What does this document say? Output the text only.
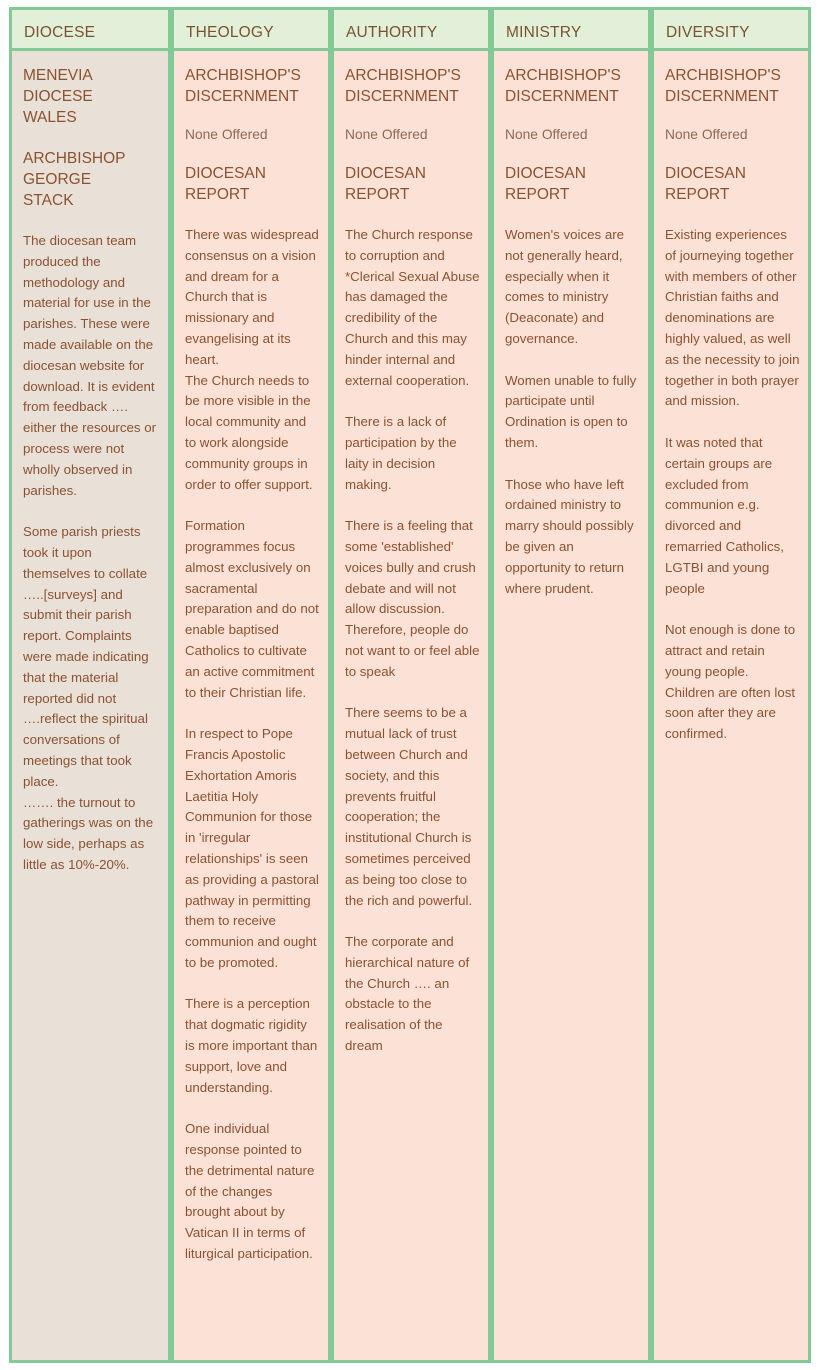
DIOCESE

MENEVIA
DIOCESE
WALES

ARCHBISHOP
GEORGE
STACK

The diocesan team produced the methodology and material for use in the parishes. These were made available on the diocesan website for download. It is evident from feedback …. either the resources or process were not wholly observed in parishes.

Some parish priests took it upon themselves to collate …..[surveys] and submit their parish report. Complaints were made indicating that the material reported did not ….reflect the spiritual conversations of meetings that took place.
……. the turnout to gatherings was on the low side, perhaps as little as 10%-20%.

THEOLOGY

ARCHBISHOP'S
DISCERNMENT

None Offered

DIOCESAN
REPORT

There was widespread consensus on a vision and dream for a Church that is missionary and evangelising at its heart.
The Church needs to be more visible in the local community and to work alongside community groups in order to offer support.

Formation programmes focus almost exclusively on sacramental preparation and do not enable baptised Catholics to cultivate an active commitment to their Christian life.

In respect to Pope Francis Apostolic Exhortation Amoris Laetitia Holy Communion for those in 'irregular relationships' is seen as providing a pastoral pathway in permitting them to receive communion and ought to be promoted.

There is a perception that dogmatic rigidity is more important than support, love and understanding.

One individual response pointed to the detrimental nature of the changes brought about by Vatican II in terms of liturgical participation.

AUTHORITY

ARCHBISHOP'S
DISCERNMENT

None Offered

DIOCESAN
REPORT

The Church response to corruption and *Clerical Sexual Abuse has damaged the credibility of the Church and this may hinder internal and external cooperation.

There is a lack of participation by the laity in decision making.

There is a feeling that some 'established' voices bully and crush debate and will not allow discussion. Therefore, people do not want to or feel able to speak

There seems to be a mutual lack of trust between Church and society, and this prevents fruitful cooperation; the institutional Church is sometimes perceived as being too close to the rich and powerful.

The corporate and hierarchical nature of the Church …. an obstacle to the realisation of the dream

MINISTRY

ARCHBISHOP'S
DISCERNMENT

None Offered

DIOCESAN
REPORT

Women's voices are not generally heard, especially when it comes to ministry (Deaconate) and governance.

Women unable to fully participate until Ordination is open to them.

Those who have left ordained ministry to marry should possibly be given an opportunity to return where prudent.

DIVERSITY

ARCHBISHOP'S
DISCERNMENT

None Offered

DIOCESAN
REPORT

Existing experiences of journeying together with members of other Christian faiths and denominations are highly valued, as well as the necessity to join together in both prayer and mission.

It was noted that certain groups are excluded from communion e.g. divorced and remarried Catholics, LGTBI and young people

Not enough is done to attract and retain young people. Children are often lost soon after they are confirmed.
